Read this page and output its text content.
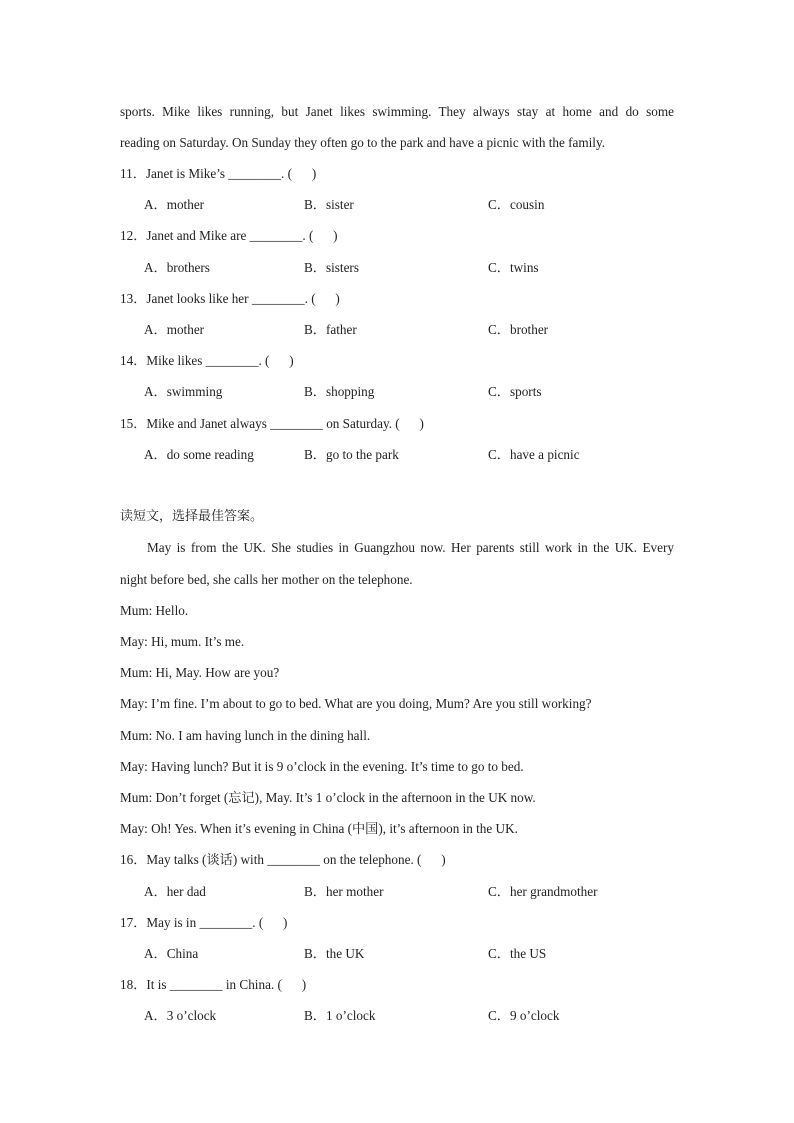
sports. Mike likes running, but Janet likes swimming. They always stay at home and do some
reading on Saturday. On Sunday they often go to the park and have a picnic with the family.
11．Janet is Mike’s ________. (      )
A．mother	B．sister	C．cousin
12．Janet and Mike are ________. (      )
A．brothers	B．sisters	C．twins
13．Janet looks like her ________. (      )
A．mother	B．father	C．brother
14．Mike likes ________. (      )
A．swimming	B．shopping	C．sports
15．Mike and Janet always ________ on Saturday. (      )
A．do some reading	B．go to the park	C．have a picnic
读短文，选择最佳答案。
May is from the UK. She studies in Guangzhou now. Her parents still work in the UK. Every
night before bed, she calls her mother on the telephone.
Mum: Hello.
May: Hi, mum. It’s me.
Mum: Hi, May. How are you?
May: I’m fine. I’m about to go to bed. What are you doing, Mum? Are you still working?
Mum: No. I am having lunch in the dining hall.
May: Having lunch? But it is 9 o’clock in the evening. It’s time to go to bed.
Mum: Don’t forget (忘记), May. It’s 1 o’clock in the afternoon in the UK now.
May: Oh! Yes. When it’s evening in China (中国), it’s afternoon in the UK.
16．May talks (谈话) with ________ on the telephone. (      )
A．her dad	B．her mother	C．her grandmother
17．May is in ________. (      )
A．China	B．the UK	C．the US
18．It is ________ in China. (      )
A．3 o’clock	B．1 o’clock	C．9 o’clock
